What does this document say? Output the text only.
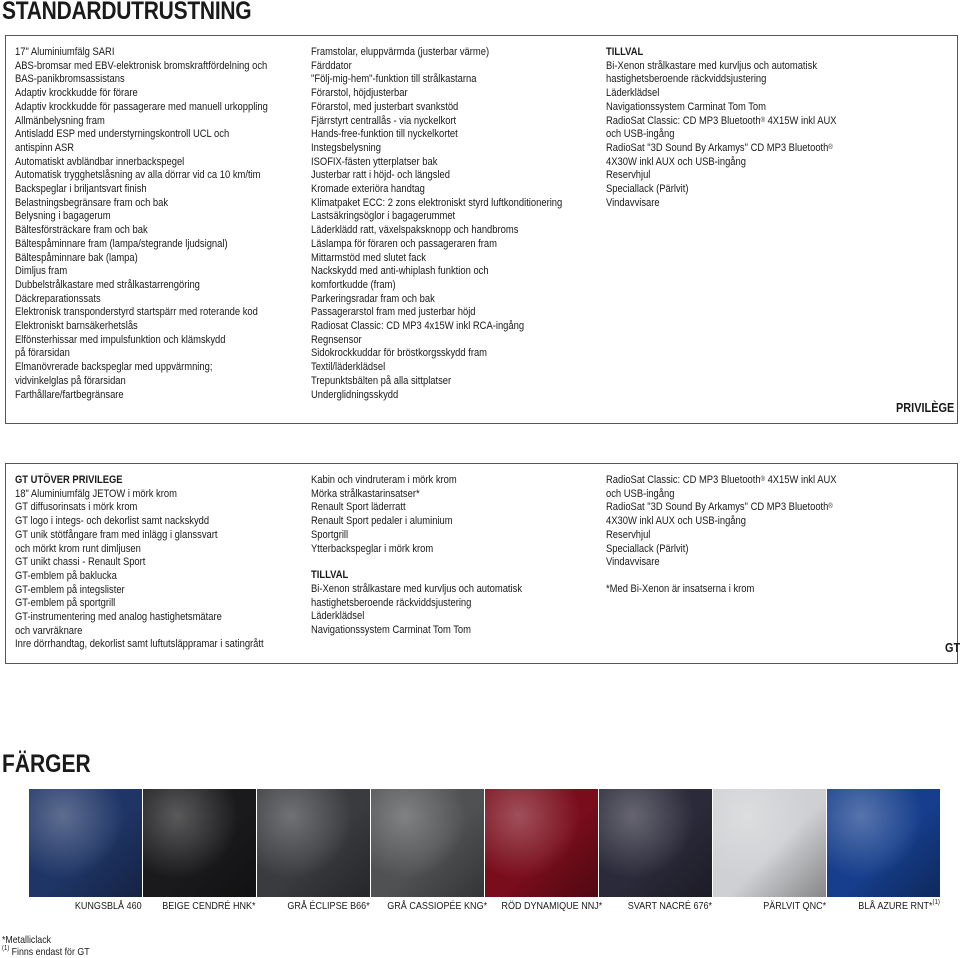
STANDARDUTRUSTNING
17" Aluminiumfälg SARI
ABS-bromsar med EBV-elektronisk bromskraftfördelning och
BAS-panikbromsassistans
Adaptiv krockkudde för förare
Adaptiv krockkudde för passagerare med manuell urkoppling
Allmänbelysning fram
Antisladd ESP med understyrningskontroll UCL och
antispinn ASR
Automatiskt avbländbar innerbackspegel
Automatisk trygghetslåsning av alla dörrar vid ca 10 km/tim
Backspeglar i briljantsvart finish
Belastningsbegränsare fram och bak
Belysning i bagagerum
Bältesförsträckare fram och bak
Bältespåminnare fram (lampa/stegrande ljudsignal)
Bältespåminnare bak (lampa)
Dimljus fram
Dubbelstrålkastare med strålkastarrengöring
Däckreparationssats
Elektronisk transponderstyrd startspärr med roterande kod
Elektroniskt barnsäkerhetslås
Elfönsterhissar med impulsfunktion och klämskydd
på förarsidan
Elmanövrerade backspeglar med uppvärmning;
vidvinkelglas på förarsidan
Farthållare/fartbegränsare
Framstolar, eluppvärmda (justerbar värme)
Färddator
"Följ-mig-hem"-funktion till strålkastarna
Förarstol, höjdjusterbar
Förarstol, med justerbart svankstöd
Fjärrstyrt centrallås - via nyckelkort
Hands-free-funktion till nyckelkortet
Instegsbelysning
ISOFIX-fästen ytterplatser bak
Justerbar ratt i höjd- och längsled
Kromade exteriöra handtag
Klimatpaket ECC: 2 zons elektroniskt styrd luftkonditionering
Lastsäkringsöglor i bagagerummet
Läderklädd ratt, växelspaksknopp och handbroms
Läslampa för föraren och passageraren fram
Mittarmstöd med slutet fack
Nackskydd med anti-whiplash funktion och
komfortkudde (fram)
Parkeringsradar fram och bak
Passagerarstol fram med justerbar höjd
Radiosat Classic: CD MP3 4x15W inkl RCA-ingång
Regnsensor
Sidokrockkuddar för bröstkorgsskydd fram
Textil/läderklädsel
Trepunktsbälten på alla sittplatser
Underglidningsskydd
TILLVAL
Bi-Xenon strålkastare med kurvljus och automatisk
hastighetsberoende räckviddsjustering
Läderklädsel
Navigationssystem Carminat Tom Tom
RadioSat Classic: CD MP3 Bluetooth® 4X15W inkl AUX
och USB-ingång
RadioSat "3D Sound By Arkamys" CD MP3 Bluetooth®
4X30W inkl AUX och USB-ingång
Reservhjul
Speciallack (Pärlvit)
Vindavvisare
PRIVILÈGE
GT UTÖVER PRIVILEGE
18" Aluminiumfälg JETOW i mörk krom
GT diffusorinsats i mörk krom
GT logo i integs- och dekorlist samt nackskydd
GT unik stötfångare fram med inlägg i glanssvart
och mörkt krom runt dimljusen
GT unikt chassi - Renault Sport
GT-emblem på baklucka
GT-emblem på integslister
GT-emblem på sportgrill
GT-instrumentering med analog hastighetsmätare
och varvräknare
Inre dörrhandtag, dekorlist samt luftutsläppramar i satingrått
Kabin och vindruteram i mörk krom
Mörka strålkastarinsatser*
Renault Sport läderratt
Renault Sport pedaler i aluminium
Sportgrill
Ytterbackspeglar i mörk krom
TILLVAL
Bi-Xenon strålkastare med kurvljus och automatisk
hastighetsberoende räckviddsjustering
Läderklädsel
Navigationssystem Carminat Tom Tom
RadioSat Classic: CD MP3 Bluetooth® 4X15W inkl AUX
och USB-ingång
RadioSat "3D Sound By Arkamys" CD MP3 Bluetooth®
4X30W inkl AUX och USB-ingång
Reservhjul
Speciallack (Pärlvit)
Vindavvisare
*Med Bi-Xenon är insatserna i krom
GT
FÄRGER
KUNGSBLÅ 460	BEIGE CENDRÉ HNK*	GRÅ ÉCLIPSE B66*	GRÅ CASSIOPÉE KNG*	RÖD DYNAMIQUE NNJ*	SVART NACRÉ 676*	PÄRLVIT QNC*	BLÅ AZURE RNT*(1)
*Metalliclack
$^{(1)}$ Finns endast för GT
